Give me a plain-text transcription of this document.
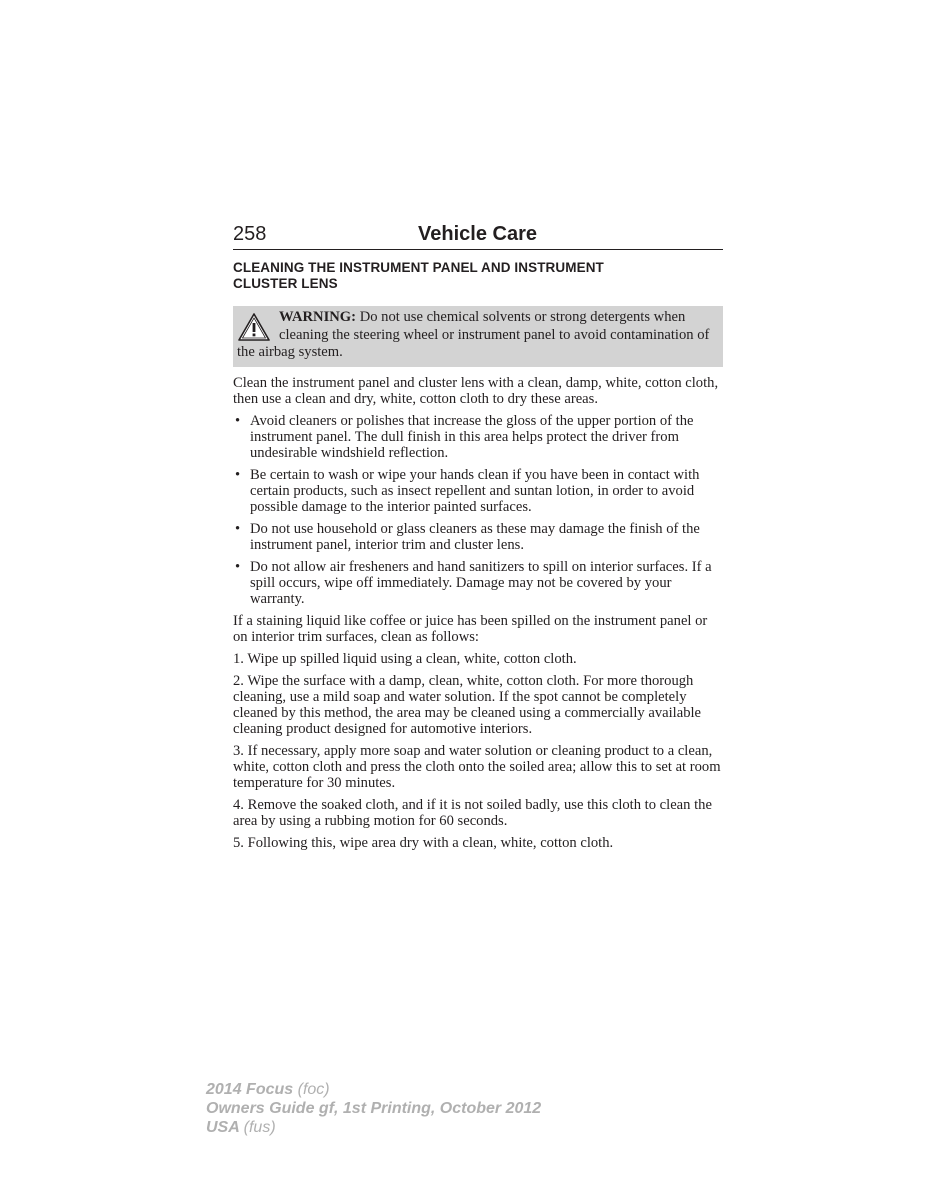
258	Vehicle Care
CLEANING THE INSTRUMENT PANEL AND INSTRUMENT
CLUSTER LENS
WARNING: Do not use chemical solvents or strong detergents when cleaning the steering wheel or instrument panel to avoid contamination of the airbag system.

Clean the instrument panel and cluster lens with a clean, damp, white, cotton cloth, then use a clean and dry, white, cotton cloth to dry these areas.

• Avoid cleaners or polishes that increase the gloss of the upper portion of the instrument panel. The dull finish in this area helps protect the driver from undesirable windshield reflection.
• Be certain to wash or wipe your hands clean if you have been in contact with certain products, such as insect repellent and suntan lotion, in order to avoid possible damage to the interior painted surfaces.
• Do not use household or glass cleaners as these may damage the finish of the instrument panel, interior trim and cluster lens.
• Do not allow air fresheners and hand sanitizers to spill on interior surfaces. If a spill occurs, wipe off immediately. Damage may not be covered by your warranty.

If a staining liquid like coffee or juice has been spilled on the instrument panel or on interior trim surfaces, clean as follows:

1. Wipe up spilled liquid using a clean, white, cotton cloth.

2. Wipe the surface with a damp, clean, white, cotton cloth. For more thorough cleaning, use a mild soap and water solution. If the spot cannot be completely cleaned by this method, the area may be cleaned using a commercially available cleaning product designed for automotive interiors.

3. If necessary, apply more soap and water solution or cleaning product to a clean, white, cotton cloth and press the cloth onto the soiled area; allow this to set at room temperature for 30 minutes.

4. Remove the soaked cloth, and if it is not soiled badly, use this cloth to clean the area by using a rubbing motion for 60 seconds.

5. Following this, wipe area dry with a clean, white, cotton cloth.

2014 Focus (foc)
Owners Guide gf, 1st Printing, October 2012
USA (fus)
